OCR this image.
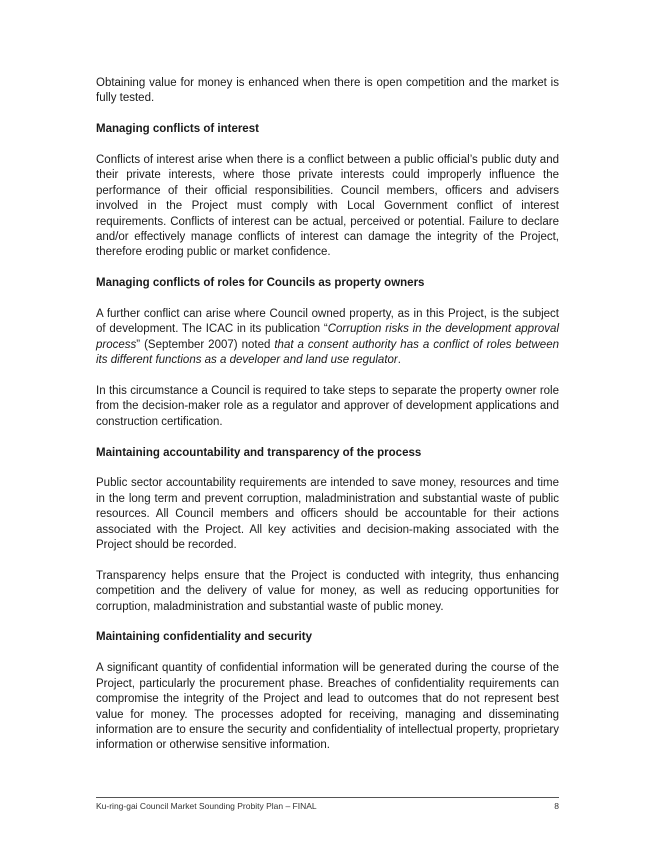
Obtaining value for money is enhanced when there is open competition and the market is fully tested.

Managing conflicts of interest

Conflicts of interest arise when there is a conflict between a public official’s public duty and their private interests, where those private interests could improperly influence the performance of their official responsibilities. Council members, officers and advisers involved in the Project must comply with Local Government conflict of interest requirements. Conflicts of interest can be actual, perceived or potential. Failure to declare and/or effectively manage conflicts of interest can damage the integrity of the Project, therefore eroding public or market confidence.

Managing conflicts of roles for Councils as property owners

A further conflict can arise where Council owned property, as in this Project, is the subject of development. The ICAC in its publication “Corruption risks in the development approval process” (September 2007) noted that a consent authority has a conflict of roles between its different functions as a developer and land use regulator.

In this circumstance a Council is required to take steps to separate the property owner role from the decision-maker role as a regulator and approver of development applications and construction certification.

Maintaining accountability and transparency of the process

Public sector accountability requirements are intended to save money, resources and time in the long term and prevent corruption, maladministration and substantial waste of public resources. All Council members and officers should be accountable for their actions associated with the Project. All key activities and decision-making associated with the Project should be recorded.

Transparency helps ensure that the Project is conducted with integrity, thus enhancing competition and the delivery of value for money, as well as reducing opportunities for corruption, maladministration and substantial waste of public money.

Maintaining confidentiality and security

A significant quantity of confidential information will be generated during the course of the Project, particularly the procurement phase. Breaches of confidentiality requirements can compromise the integrity of the Project and lead to outcomes that do not represent best value for money. The processes adopted for receiving, managing and disseminating information are to ensure the security and confidentiality of intellectual property, proprietary information or otherwise sensitive information.

Ku-ring-gai Council Market Sounding Probity Plan – FINAL	8
